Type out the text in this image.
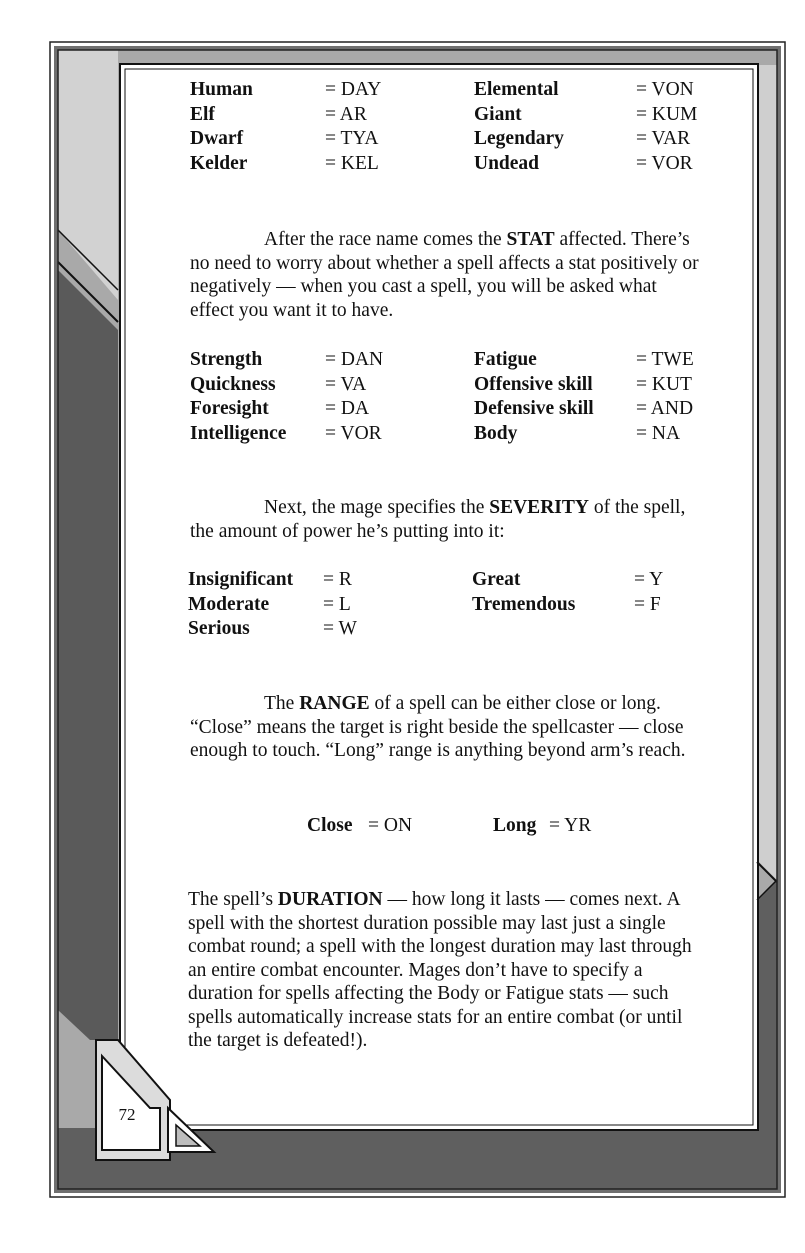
Human	= DAY	Elemental	= VON
Elf	= AR	Giant	= KUM
Dwarf	= TYA	Legendary	= VAR
Kelder	= KEL	Undead	= VOR

After the race name comes the STAT affected. There’s no need to worry about whether a spell affects a stat positively or negatively — when you cast a spell, you will be asked what effect you want it to have.

Strength	= DAN	Fatigue	= TWE
Quickness	= VA	Offensive skill = KUT
Foresight	= DA	Defensive skill = AND
Intelligence = VOR	Body	= NA

Next, the mage specifies the SEVERITY of the spell, the amount of power he’s putting into it:

Insignificant = R	Great	= Y
Moderate	= L	Tremendous	= F
Serious	= W

The RANGE of a spell can be either close or long. “Close” means the target is right beside the spellcaster — close enough to touch. “Long” range is anything beyond arm’s reach.

Close = ON	Long = YR

The spell’s DURATION — how long it lasts — comes next. A spell with the shortest duration possible may last just a single combat round; a spell with the longest duration may last through an entire combat encounter. Mages don’t have to specify a duration for spells affecting the Body or Fatigue stats — such spells automatically increase stats for an entire combat (or until the target is defeated!).

72
